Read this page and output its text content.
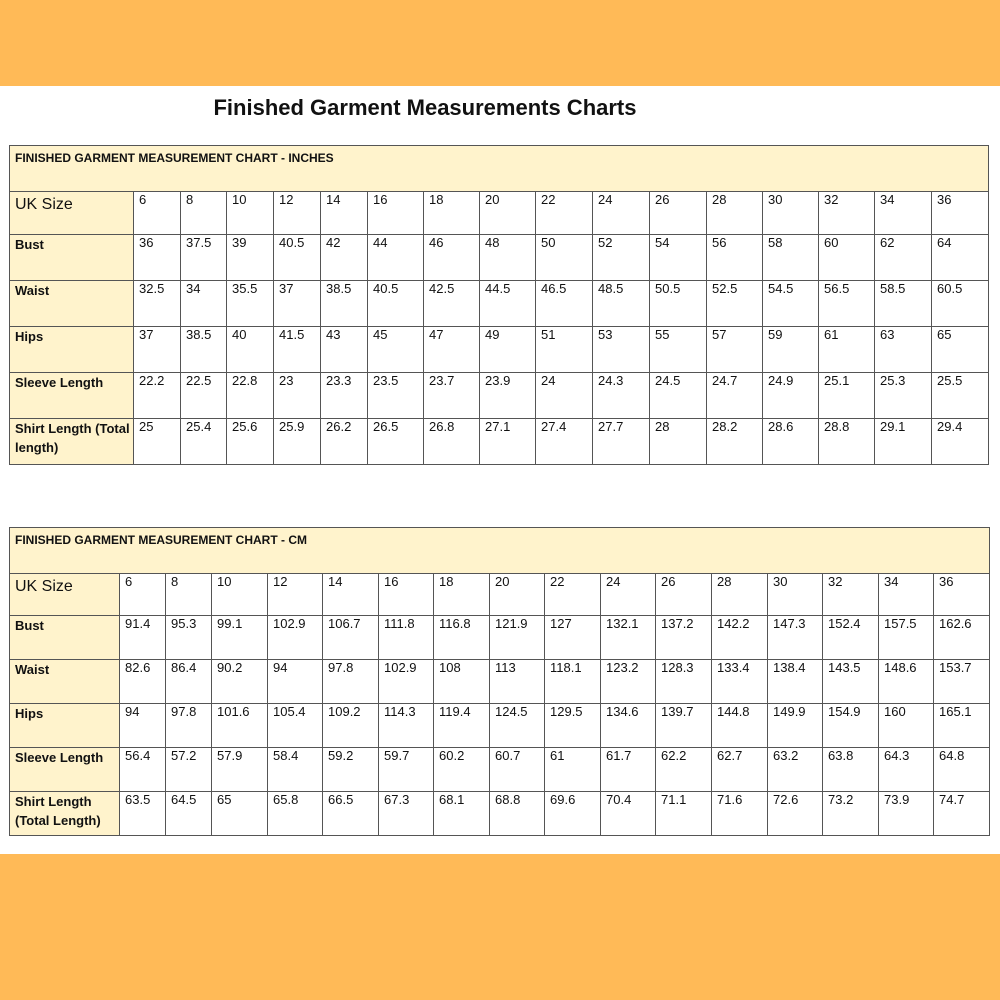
Finished Garment Measurements Charts
FINISHED GARMENT MEASUREMENT CHART - INCHES																
UK Size	6	8	10	12	14	16	18	20	22	24	26	28	30	32	34	36
Bust	36	37.5	39	40.5	42	44	46	48	50	52	54	56	58	60	62	64
Waist	32.5	34	35.5	37	38.5	40.5	42.5	44.5	46.5	48.5	50.5	52.5	54.5	56.5	58.5	60.5
Hips	37	38.5	40	41.5	43	45	47	49	51	53	55	57	59	61	63	65
Sleeve Length	22.2	22.5	22.8	23	23.3	23.5	23.7	23.9	24	24.3	24.5	24.7	24.9	25.1	25.3	25.5
Shirt Length (Total length)	25	25.4	25.6	25.9	26.2	26.5	26.8	27.1	27.4	27.7	28	28.2	28.6	28.8	29.1	29.4
FINISHED GARMENT MEASUREMENT CHART - CM																
UK Size	6	8	10	12	14	16	18	20	22	24	26	28	30	32	34	36
Bust	91.4	95.3	99.1	102.9	106.7	111.8	116.8	121.9	127	132.1	137.2	142.2	147.3	152.4	157.5	162.6
Waist	82.6	86.4	90.2	94	97.8	102.9	108	113	118.1	123.2	128.3	133.4	138.4	143.5	148.6	153.7
Hips	94	97.8	101.6	105.4	109.2	114.3	119.4	124.5	129.5	134.6	139.7	144.8	149.9	154.9	160	165.1
Sleeve Length	56.4	57.2	57.9	58.4	59.2	59.7	60.2	60.7	61	61.7	62.2	62.7	63.2	63.8	64.3	64.8
Shirt Length (Total Length)	63.5	64.5	65	65.8	66.5	67.3	68.1	68.8	69.6	70.4	71.1	71.6	72.6	73.2	73.9	74.7
